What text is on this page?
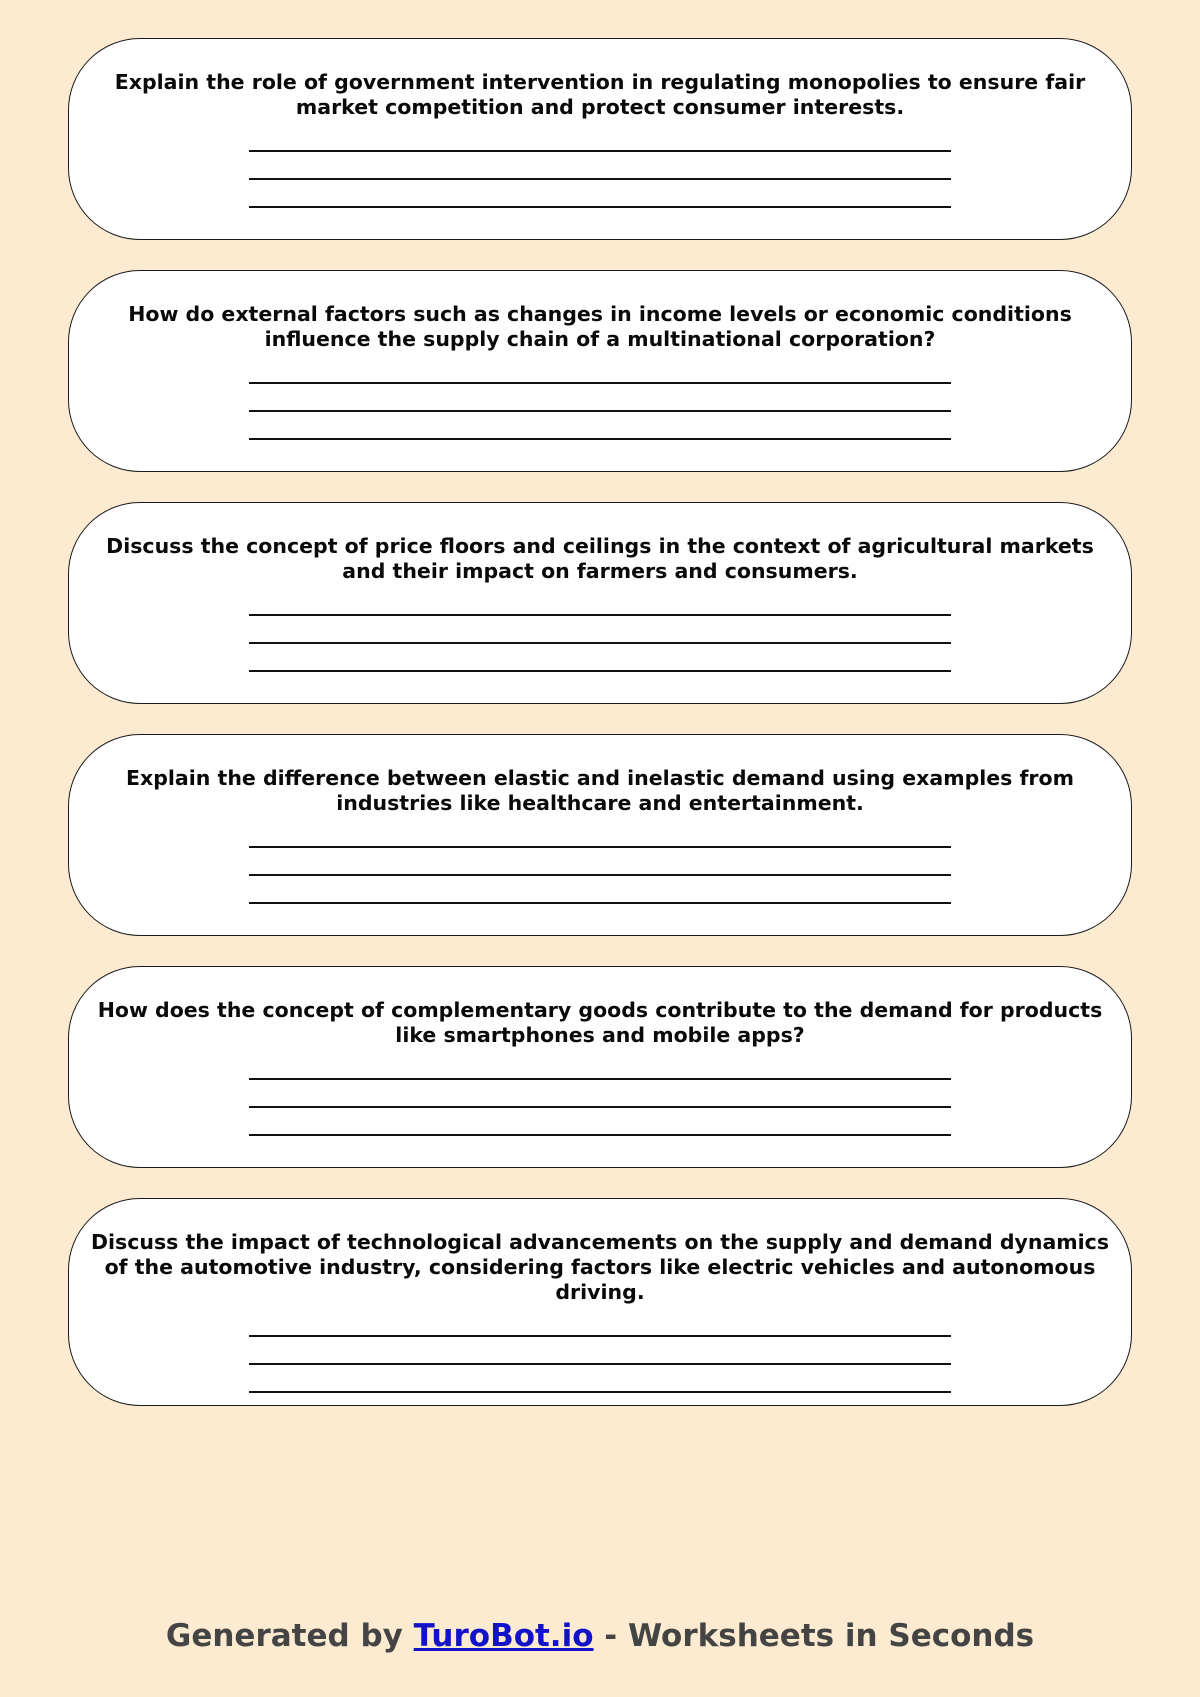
Explain the role of government intervention in regulating monopolies to ensure fair market competition and protect consumer interests.

How do external factors such as changes in income levels or economic conditions influence the supply chain of a multinational corporation?

Discuss the concept of price floors and ceilings in the context of agricultural markets and their impact on farmers and consumers.

Explain the difference between elastic and inelastic demand using examples from industries like healthcare and entertainment.

How does the concept of complementary goods contribute to the demand for products like smartphones and mobile apps?

Discuss the impact of technological advancements on the supply and demand dynamics of the automotive industry, considering factors like electric vehicles and autonomous driving.

Generated by TuroBot.io - Worksheets in Seconds
